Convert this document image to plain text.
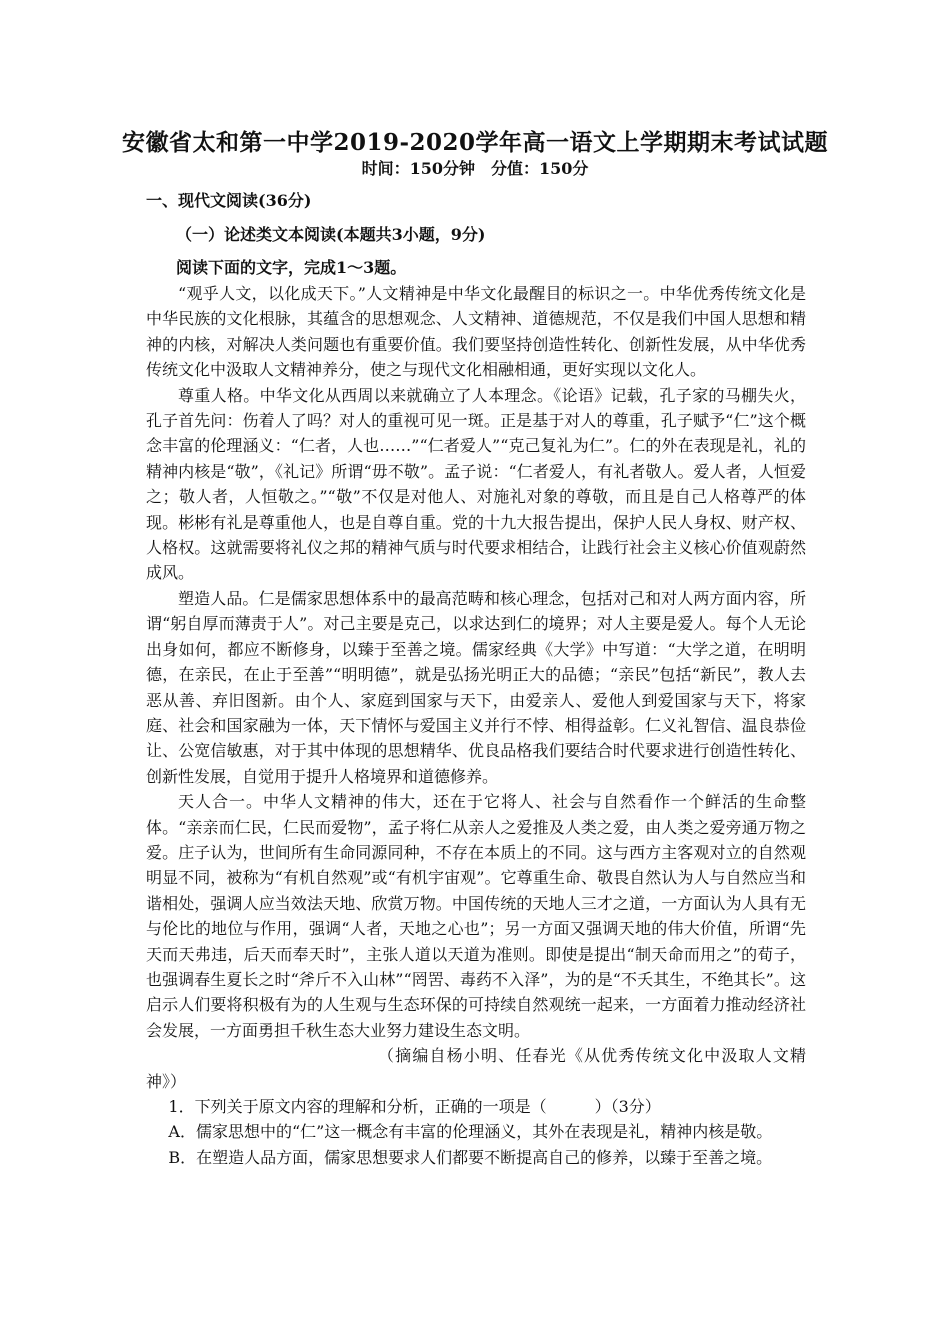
安徽省太和第一中学2019-2020学年高一语文上学期期末考试试题
时间：150分钟　分值：150分
一、现代文阅读(36分)
（一）论述类文本阅读(本题共3小题，9分)
阅读下面的文字，完成1～3题。

“观乎人文，以化成天下。”人文精神是中华文化最醒目的标识之一。中华优秀传统文化是中华民族的文化根脉，其蕴含的思想观念、人文精神、道德规范，不仅是我们中国人思想和精神的内核，对解决人类问题也有重要价值。我们要坚持创造性转化、创新性发展，从中华优秀传统文化中汲取人文精神养分，使之与现代文化相融相通，更好实现以文化人。

尊重人格。中华文化从西周以来就确立了人本理念。《论语》记载，孔子家的马棚失火，孔子首先问：伤着人了吗？对人的重视可见一斑。正是基于对人的尊重，孔子赋予“仁”这个概念丰富的伦理涵义：“仁者，人也……”“仁者爱人”“克己复礼为仁”。仁的外在表现是礼，礼的精神内核是“敬”，《礼记》所谓“毋不敬”。孟子说：“仁者爱人，有礼者敬人。爱人者，人恒爱之；敬人者，人恒敬之。”“敬”不仅是对他人、对施礼对象的尊敬，而且是自己人格尊严的体现。彬彬有礼是尊重他人，也是自尊自重。党的十九大报告提出，保护人民人身权、财产权、人格权。这就需要将礼仪之邦的精神气质与时代要求相结合，让践行社会主义核心价值观蔚然成风。

塑造人品。仁是儒家思想体系中的最高范畴和核心理念，包括对己和对人两方面内容，所谓“躬自厚而薄责于人”。对己主要是克己，以求达到仁的境界；对人主要是爱人。每个人无论出身如何，都应不断修身，以臻于至善之境。儒家经典《大学》中写道：“大学之道，在明明德，在亲民，在止于至善”“明明德”，就是弘扬光明正大的品德；“亲民”包括“新民”，教人去恶从善、弃旧图新。由个人、家庭到国家与天下，由爱亲人、爱他人到爱国家与天下，将家庭、社会和国家融为一体，天下情怀与爱国主义并行不悖、相得益彰。仁义礼智信、温良恭俭让、公宽信敏惠，对于其中体现的思想精华、优良品格我们要结合时代要求进行创造性转化、创新性发展，自觉用于提升人格境界和道德修养。

天人合一。中华人文精神的伟大，还在于它将人、社会与自然看作一个鲜活的生命整体。“亲亲而仁民，仁民而爱物”，孟子将仁从亲人之爱推及人类之爱，由人类之爱旁通万物之爱。庄子认为，世间所有生命同源同种，不存在本质上的不同。这与西方主客观对立的自然观明显不同，被称为“有机自然观”或“有机宇宙观”。它尊重生命、敬畏自然认为人与自然应当和谐相处，强调人应当效法天地、欣赏万物。中国传统的天地人三才之道，一方面认为人具有无与伦比的地位与作用，强调“人者，天地之心也”；另一方面又强调天地的伟大价值，所谓“先天而天弗违，后天而奉天时”，主张人道以天道为准则。即使是提出“制天命而用之”的荀子，也强调春生夏长之时“斧斤不入山林”“罔罟、毒药不入泽”，为的是“不夭其生，不绝其长”。这启示人们要将积极有为的人生观与生态环保的可持续自然观统一起来，一方面着力推动经济社会发展，一方面勇担千秋生态大业努力建设生态文明。

（摘编自杨小明、任春光《从优秀传统文化中汲取人文精神》）

1．下列关于原文内容的理解和分析，正确的一项是（　　　）（3分）

A．儒家思想中的“仁”这一概念有丰富的伦理涵义，其外在表现是礼，精神内核是敬。

B．在塑造人品方面，儒家思想要求人们都要不断提高自己的修养，以臻于至善之境。
